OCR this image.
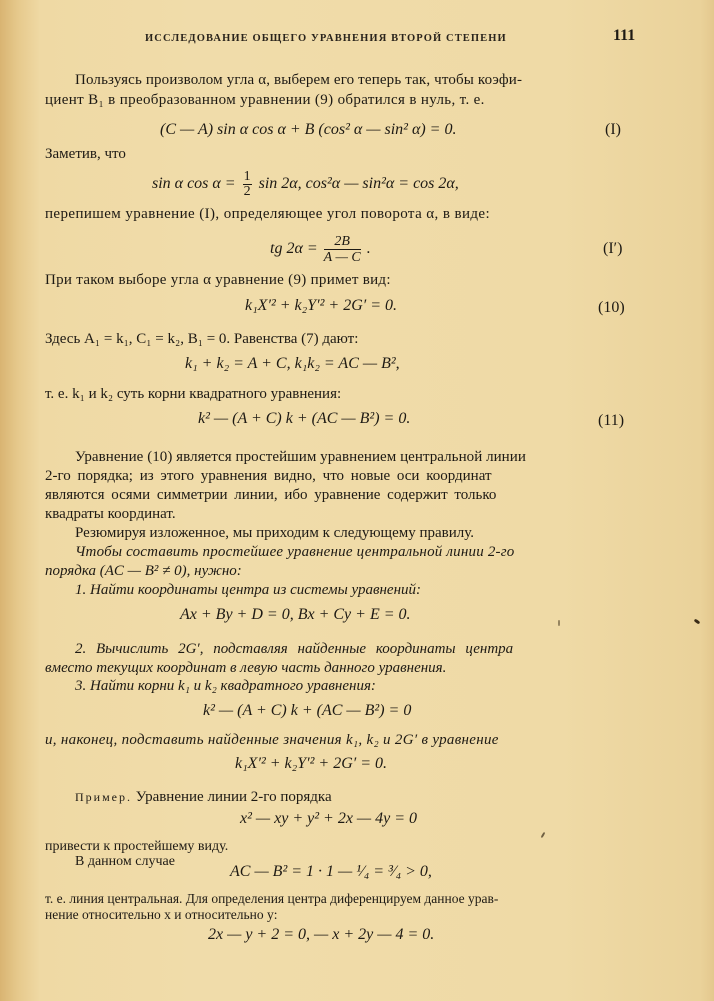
ИССЛЕДОВАНИЕ ОБЩЕГО УРАВНЕНИЯ ВТОРОЙ СТЕПЕНИ	111
Пользуясь произволом угла α, выберем его теперь так, чтобы коэфи-
циент B₁ в преобразованном уравнении (9) обратился в нуль, т. е.
(C — A) sin α cos α + B (cos² α — sin² α) = 0.	(I)
Заметив, что
sin α $\cos \alpha = \frac{1}{2}$ sin 2α, cos²α — sin²α = cos 2α,
перепишем уравнение (I), определяющее угол поворота α, в виде:
tg $2\alpha = \frac{2B}{A — C}$ .	(I′)
При таком выборе угла α уравнение (9) примет вид:
k₁X′² + k₂Y′² + 2G′ = 0.	(10)
Здесь A₁ = k₁, C₁ = k₂, B₁ = 0. Равенства (7) дают:
k₁ + k₂ = A + C, k₁k₂ = AC — B²,
т. е. k₁ и k₂ суть корни квадратного уравнения:
k² — (A + C) k + (AC — B²) = 0.	(11)
Уравнение (10) является простейшим уравнением центральной линии
2-го порядка; из этого уравнения видно, что новые оси координат
являются осями симметрии линии, ибо уравнение содержит только
квадраты координат.
Резюмируя изложенное, мы приходим к следующему правилу.
Чтобы составить простейшее уравнение центральной линии 2-го
порядка (AC — B² ≠ 0), нужно:
1. Найти координаты центра из системы уравнений:
Ax + By + D = 0, Bx + Cy + E = 0.
2. Вычислить 2G′, подставляя найденные координаты центра
вместо текущих координат в левую часть данного уравнения.
3. Найти корни k₁ и k₂ квадратного уравнения:
k² — (A + C) k + (AC — B²) = 0
и, наконец, подставить найденные значения k₁, k₂ и 2G′ в уравнение
k₁X′² + k₂Y′² + 2G′ = 0.
Пример. Уравнение линии 2-го порядка
x² — xy + y² + 2x — 4y = 0
привести к простейшему виду.
В данном случае
AC — B² = 1 · 1 — ¹⁄₄ = ³⁄₄ > 0,
т. е. линия центральная. Для определения центра диференцируем данное урав-
нение относительно x и относительно y:
2x — y + 2 = 0, — x + 2y — 4 = 0.
